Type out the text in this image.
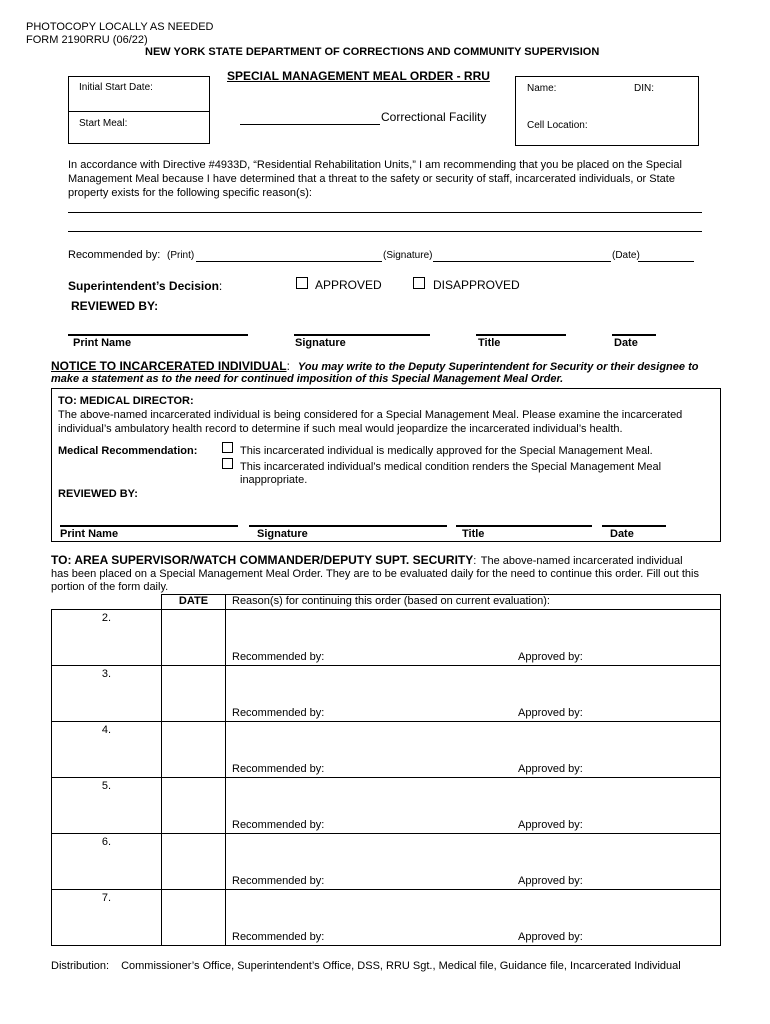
PHOTOCOPY LOCALLY AS NEEDED
FORM 2190RRU (06/22)
NEW YORK STATE DEPARTMENT OF CORRECTIONS AND COMMUNITY SUPERVISION
SPECIAL MANAGEMENT MEAL ORDER - RRU
Initial Start Date:
Start Meal:	Correctional Facility
Name:	DIN:
Cell Location:
In accordance with Directive #4933D, “Residential Rehabilitation Units,” I am recommending that you be placed on the Special Management Meal because I have determined that a threat to the safety or security of staff, incarcerated individuals, or State property exists for the following specific reason(s):
Recommended by: (Print)	(Signature)	(Date)
Superintendent’s Decision:	APPROVED	DISAPPROVED
REVIEWED BY:
Print Name	Signature	Title	Date
NOTICE TO INCARCERATED INDIVIDUAL: You may write to the Deputy Superintendent for Security or their designee to
make a statement as to the need for continued imposition of this Special Management Meal Order.
TO: MEDICAL DIRECTOR:
The above-named incarcerated individual is being considered for a Special Management Meal. Please examine the incarcerated individual’s ambulatory health record to determine if such meal would jeopardize the incarcerated individual’s health.
Medical Recommendation:	This incarcerated individual is medically approved for the Special Management Meal.
This incarcerated individual’s medical condition renders the Special Management Meal inappropriate.
REVIEWED BY:
Print Name	Signature	Title	Date
TO: AREA SUPERVISOR/WATCH COMMANDER/DEPUTY SUPT. SECURITY: The above-named incarcerated individual
has been placed on a Special Management Meal Order. They are to be evaluated daily for the need to continue this order. Fill out this portion of the form daily.
	DATE	Reason(s) for continuing this order (based on current evaluation):
2.		Recommended by: Approved by:

3.		Recommended by: Approved by:

4.		Recommended by: Approved by:

5.		Recommended by: Approved by:

6.		Recommended by: Approved by:

7.		Recommended by: Approved by:
Distribution: Commissioner’s Office, Superintendent’s Office, DSS, RRU Sgt., Medical file, Guidance file, Incarcerated Individual
